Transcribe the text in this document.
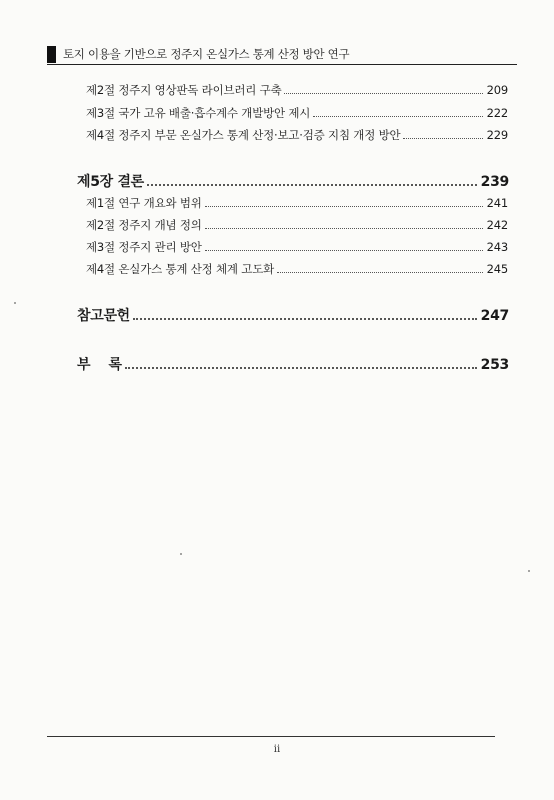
토지 이용을 기반으로 정주지 온실가스 통계 산정 방안 연구
제2절 정주지 영상판독 라이브러리 구축	209
제3절 국가 고유 배출·흡수계수 개발방안 제시	222
제4절 정주지 부문 온실가스 통계 산정·보고·검증 지침 개정 방안	229
제5장 결론	239
제1절 연구 개요와 범위	241
제2절 정주지 개념 정의	242
제3절 정주지 관리 방안	243
제4절 온실가스 통계 산정 체계 고도화	245
참고문헌	247
부    록	253
ii
